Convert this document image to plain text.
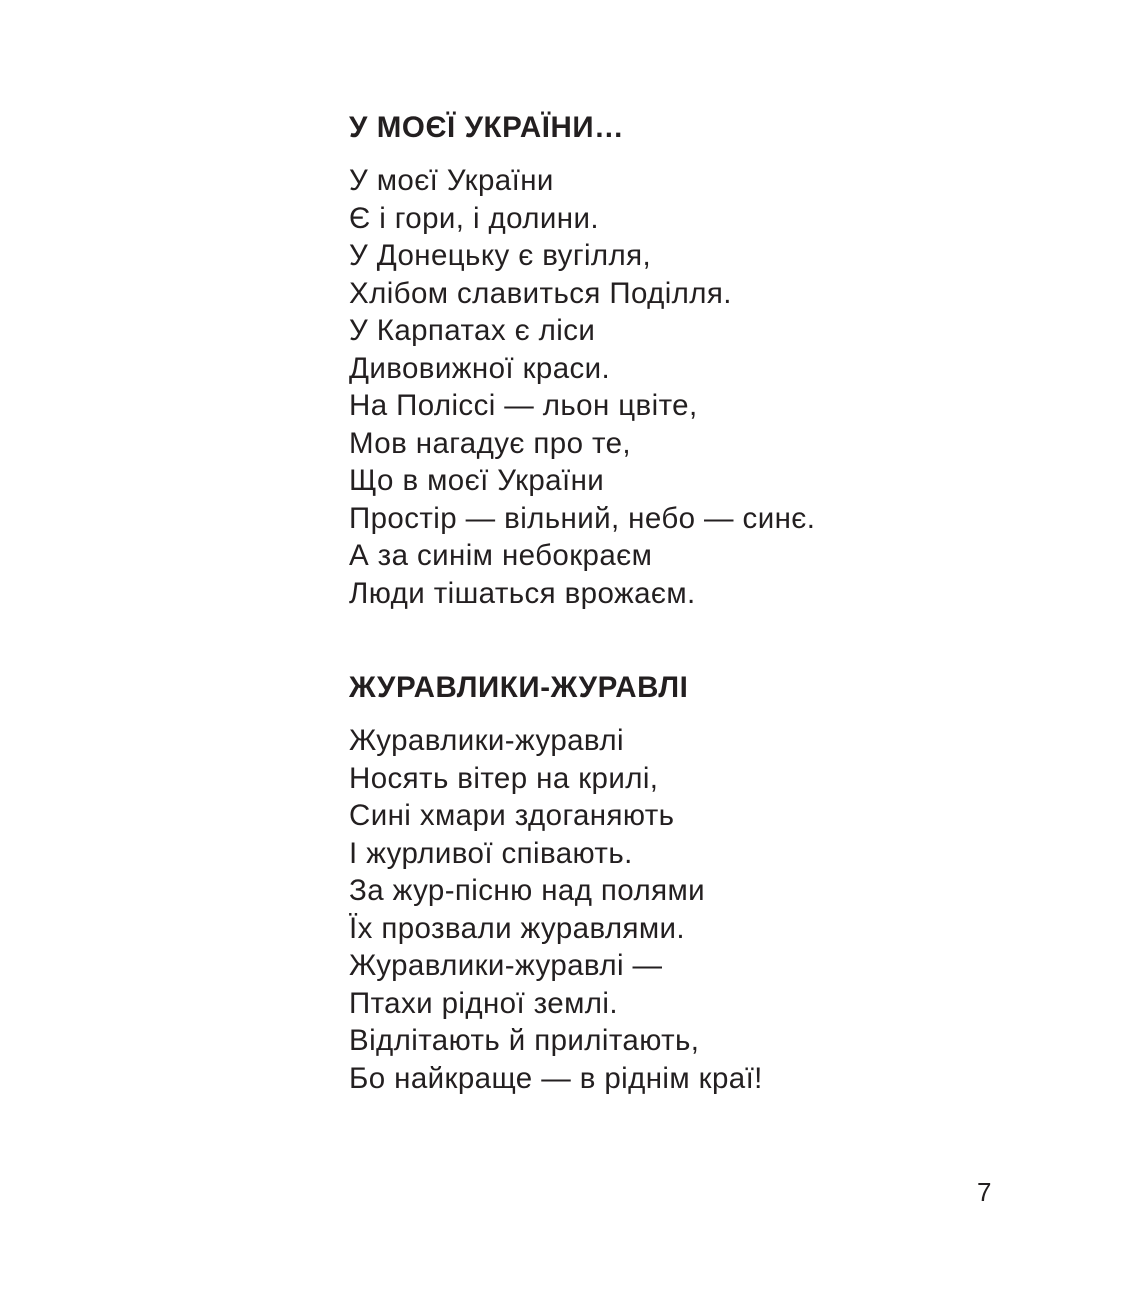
У МОЄЇ УКРАЇНИ…
У моєї України
Є і гори, і долини.
У Донецьку є вугілля,
Хлібом славиться Поділля.
У Карпатах є ліси
Дивовижної краси.
На Поліссі — льон цвіте,
Мов нагадує про те,
Що в моєї України
Простір — вільний, небо — синє.
А за синім небокраєм
Люди тішаться врожаєм.
ЖУРАВЛИКИ-ЖУРАВЛІ
Журавлики-журавлі
Носять вітер на крилі,
Сині хмари здоганяють
І журливої співають.
За жур-пісню над полями
Їх прозвали журавлями.
Журавлики-журавлі —
Птахи рідної землі.
Відлітають й прилітають,
Бо найкраще — в ріднім краї!
7
